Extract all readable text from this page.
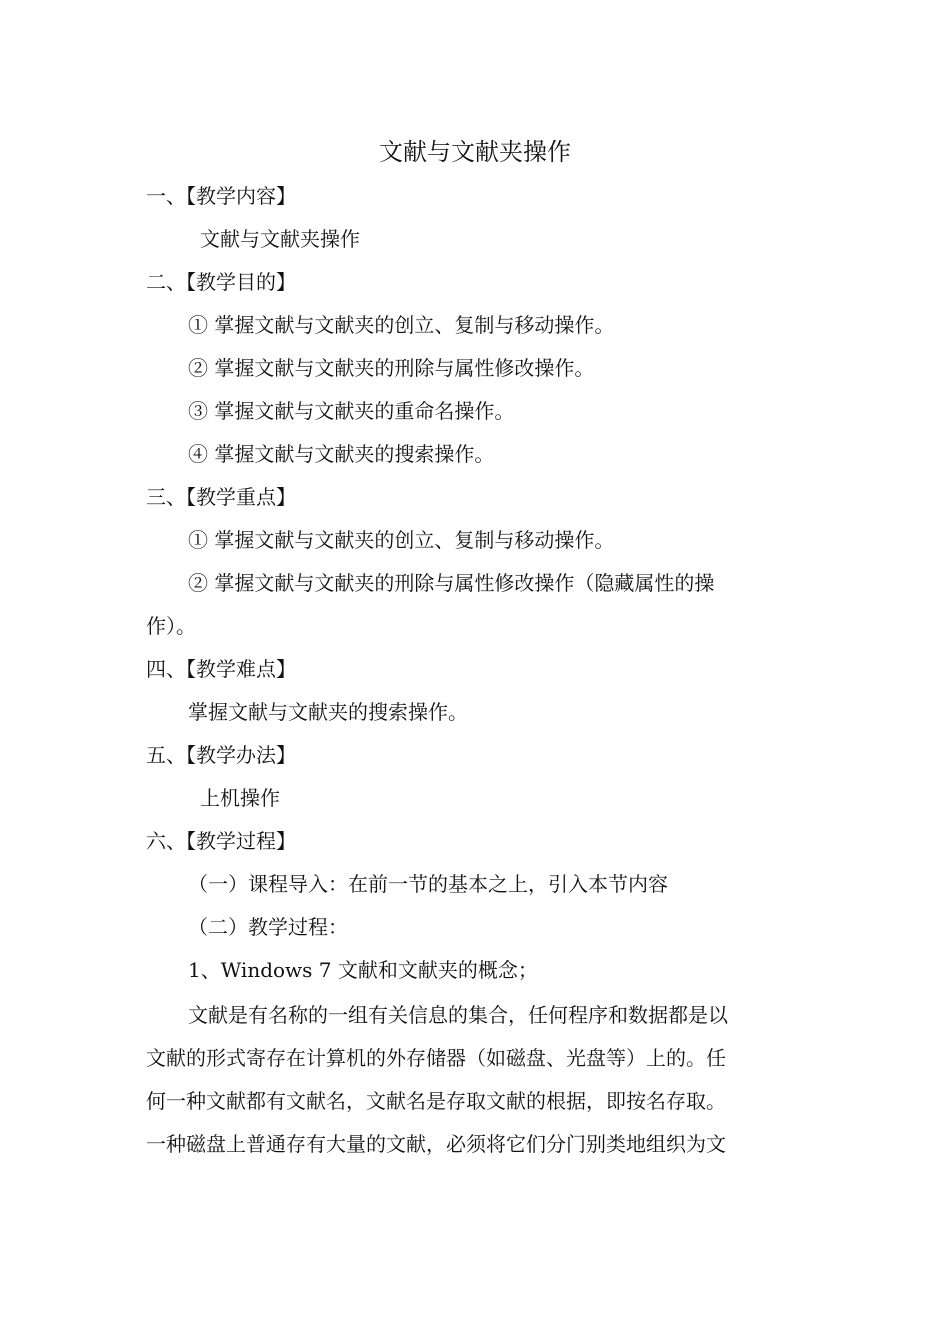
文献与文献夹操作
一、【教学内容】
文献与文献夹操作
二、【教学目的】
① 掌握文献与文献夹的创立、复制与移动操作。
② 掌握文献与文献夹的刑除与属性修改操作。
③ 掌握文献与文献夹的重命名操作。
④ 掌握文献与文献夹的搜索操作。
三、【教学重点】
① 掌握文献与文献夹的创立、复制与移动操作。
② 掌握文献与文献夹的刑除与属性修改操作（隐藏属性的操
作）。
四、【教学难点】
掌握文献与文献夹的搜索操作。
五、【教学办法】
上机操作
六、【教学过程】
（一）课程导入：在前一节的基本之上，引入本节内容
（二）教学过程：
1、Windows 7 文献和文献夹的概念；
文献是有名称的一组有关信息的集合，任何程序和数据都是以
文献的形式寄存在计算机的外存储器（如磁盘、光盘等）上的。任
何一种文献都有文献名，文献名是存取文献的根据，即按名存取。
一种磁盘上普通存有大量的文献，必须将它们分门别类地组织为文
